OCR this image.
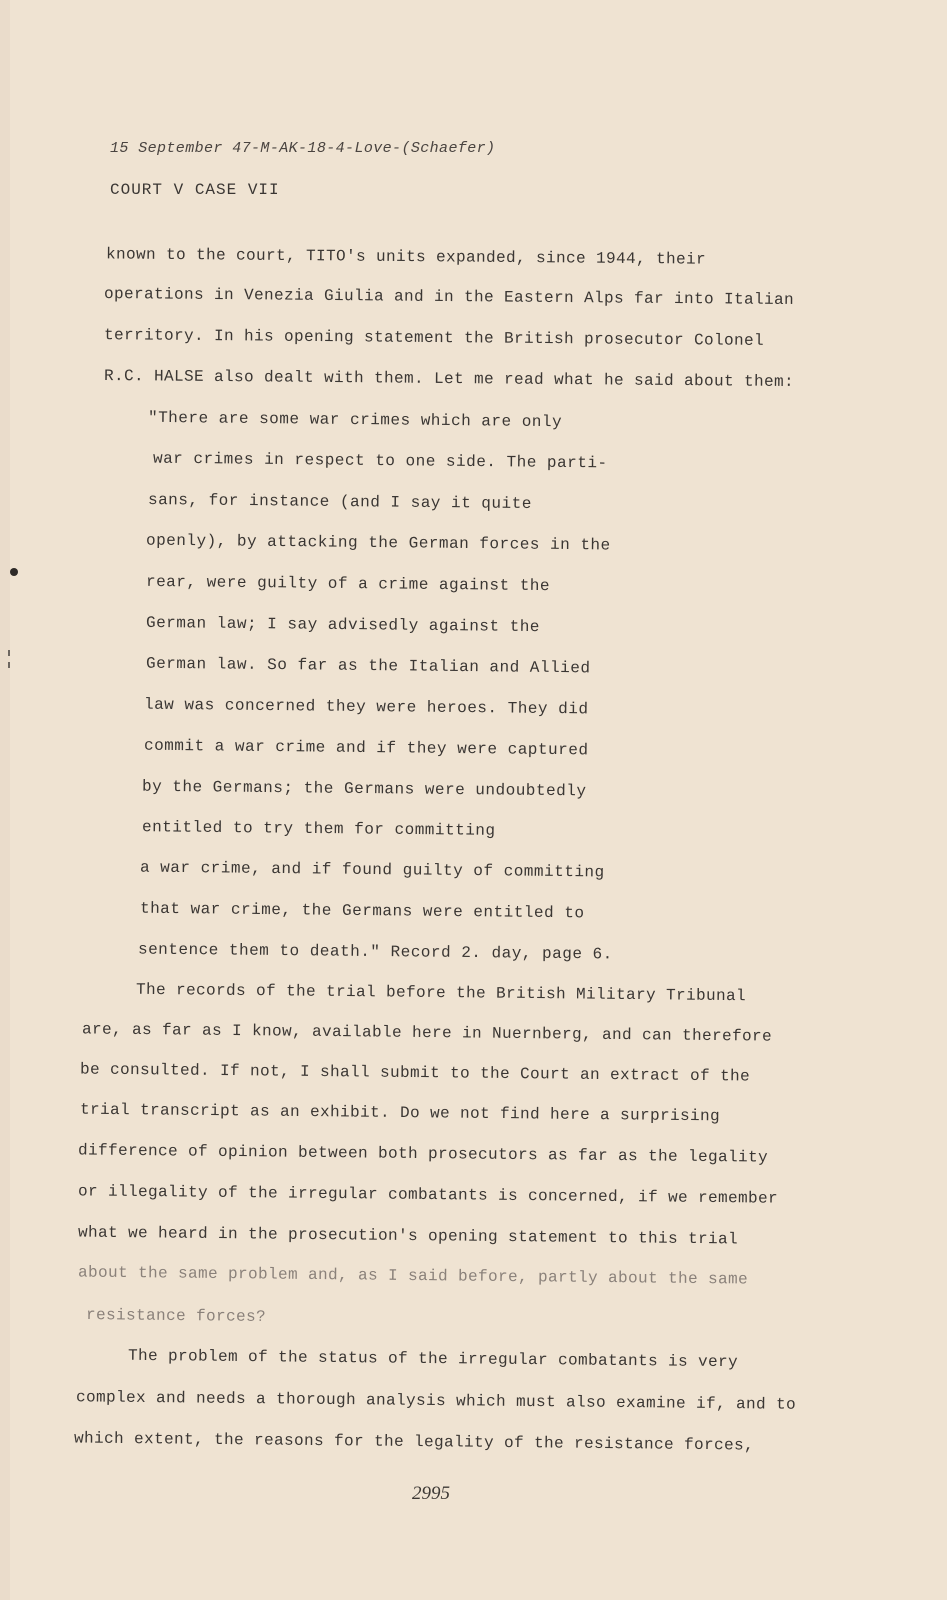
15 September 47-M-AK-18-4-Love-(Schaefer)
COURT V CASE VII
known to the court, TITO's units expanded, since 1944, their
operations in Venezia Giulia and in the Eastern Alps far into Italian
territory. In his opening statement the British prosecutor Colonel
R.C. HALSE also dealt with them. Let me read what he said about them:
"There are some war crimes which are only
war crimes in respect to one side. The parti-
sans, for instance (and I say it quite
openly), by attacking the German forces in the
rear, were guilty of a crime against the
German law; I say advisedly against the
German law. So far as the Italian and Allied
law was concerned they were heroes. They did
commit a war crime and if they were captured
by the Germans; the Germans were undoubtedly
entitled to try them for committing
a war crime, and if found guilty of committing
that war crime, the Germans were entitled to
sentence them to death." Record 2. day, page 6.
The records of the trial before the British Military Tribunal
are, as far as I know, available here in Nuernberg, and can therefore
be consulted. If not, I shall submit to the Court an extract of the
trial transcript as an exhibit. Do we not find here a surprising
difference of opinion between both prosecutors as far as the legality
or illegality of the irregular combatants is concerned, if we remember
what we heard in the prosecution's opening statement to this trial
about the same problem and, as I said before, partly about the same
resistance forces?
The problem of the status of the irregular combatants is very
complex and needs a thorough analysis which must also examine if, and to
which extent, the reasons for the legality of the resistance forces,
2995
